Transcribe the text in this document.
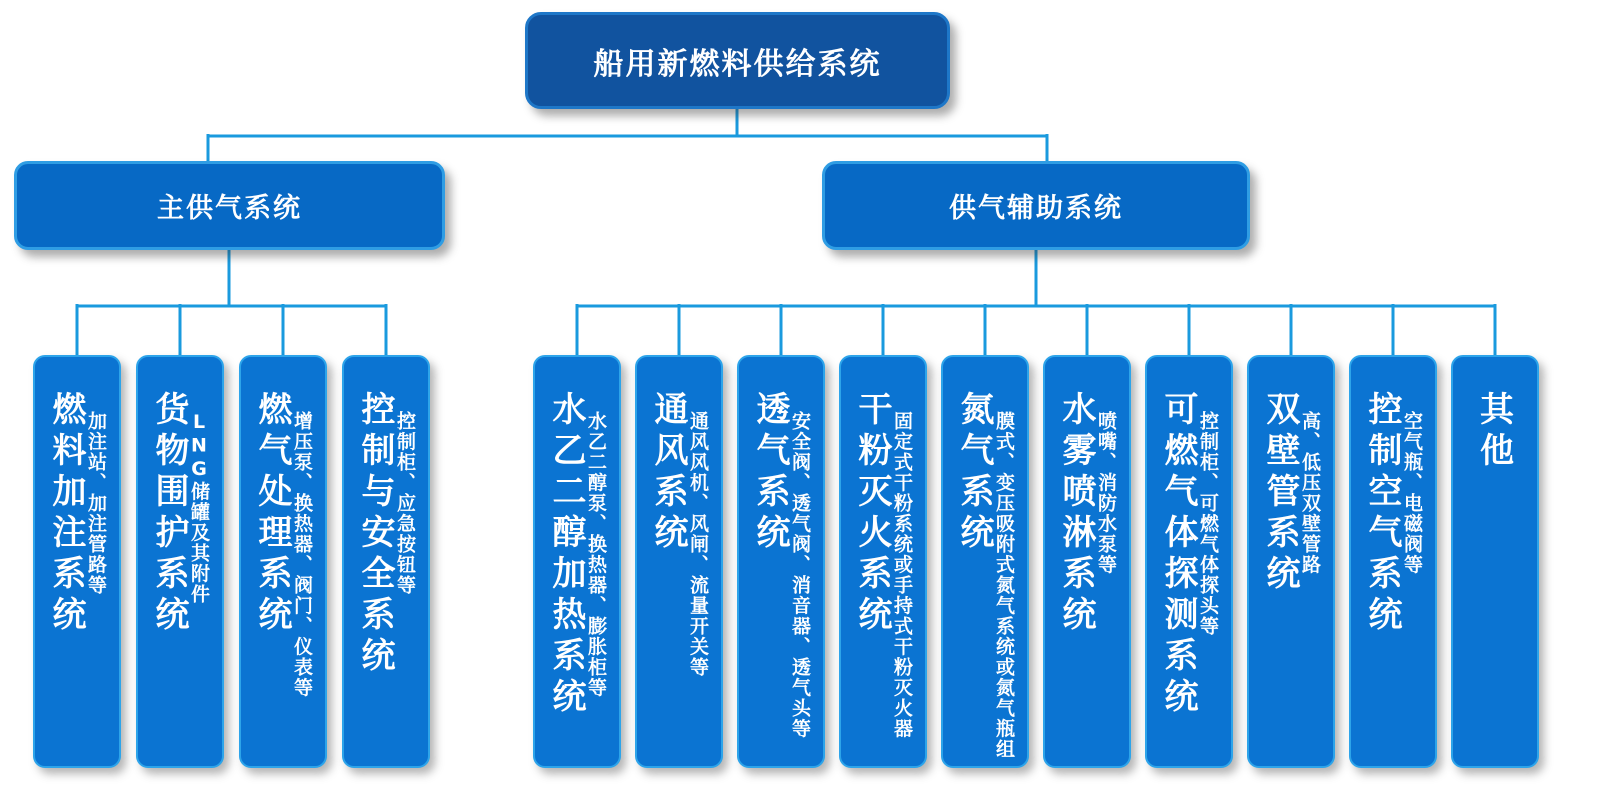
船用新燃料供给系统
主供气系统	供气辅助系统
燃料加注系统 加注站、加注管路等 货物围护系统 LNG储罐及其附件 燃气处理系统 增压泵、换热器、阀门、仪表等 控制与安全系统 控制柜、应急按钮等	水乙二醇加热系统 水乙二醇泵、换热器、膨胀柜等 通风系统 通风风机、风闸、流量开关等 透气系统 安全阀、透气阀、消音器、透气头等 干粉灭火系统 固定式干粉系统或手持式干粉灭火器 氮气系统 膜式、变压吸附式氮气系统或氮气瓶组 水雾喷淋系统 喷嘴、消防水泵等 可燃气体探测系统 控制柜、可燃气体探头等 双壁管系统 高、低压双壁管路 控制空气系统 空气瓶、电磁阀等 其他
